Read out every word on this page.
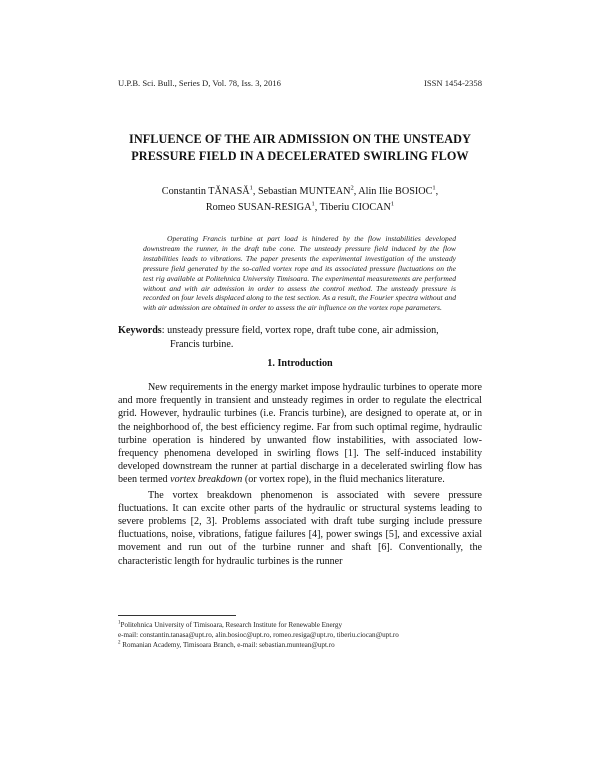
U.P.B. Sci. Bull., Series D, Vol. 78, Iss. 3, 2016	ISSN 1454-2358
INFLUENCE OF THE AIR ADMISSION ON THE UNSTEADY
PRESSURE FIELD IN A DECELERATED SWIRLING FLOW
Constantin TĂNASĂ$^1$, Sebastian MUNTEAN$^2$, Alin Ilie BOSIOC$^1$,
Romeo SUSAN-RESIGA$^1$, Tiberiu CIOCAN$^1$
Operating Francis turbine at part load is hindered by the flow instabilities developed downstream the runner, in the draft tube cone. The unsteady pressure field induced by the flow instabilities leads to vibrations. The paper presents the experimental investigation of the unsteady pressure field generated by the so-called vortex rope and its associated pressure fluctuations on the test rig available at Politehnica University Timisoara. The experimental measurements are performed without and with air admission in order to assess the control method. The unsteady pressure is recorded on four levels displaced along to the test section. As a result, the Fourier spectra without and with air admission are obtained in order to assess the air influence on the vortex rope parameters.
Keywords: unsteady pressure field, vortex rope, draft tube cone, air admission,
Francis turbine.
1. Introduction

New requirements in the energy market impose hydraulic turbines to operate more and more frequently in transient and unsteady regimes in order to regulate the electrical grid. However, hydraulic turbines (i.e. Francis turbine), are designed to operate at, or in the neighborhood of, the best efficiency regime. Far from such optimal regime, hydraulic turbine operation is hindered by unwanted flow instabilities, with associated low-frequency phenomena developed in swirling flows [1]. The self-induced instability developed downstream the runner at partial discharge in a decelerated swirling flow has been termed vortex breakdown (or vortex rope), in the fluid mechanics literature.

The vortex breakdown phenomenon is associated with severe pressure fluctuations. It can excite other parts of the hydraulic or structural systems leading to severe problems [2, 3]. Problems associated with draft tube surging include pressure fluctuations, noise, vibrations, fatigue failures [4], power swings [5], and excessive axial movement and run out of the turbine runner and shaft [6]. Conventionally, the characteristic length for hydraulic turbines is the runner

$^1$Politehnica University of Timisoara, Research Institute for Renewable Energy
e-mail: constantin.tanasa@upt.ro, alin.bosioc@upt.ro, romeo.resiga@upt.ro, tiberiu.ciocan@upt.ro
$^2$ Romanian Academy, Timisoara Branch, e-mail: sebastian.muntean@upt.ro
